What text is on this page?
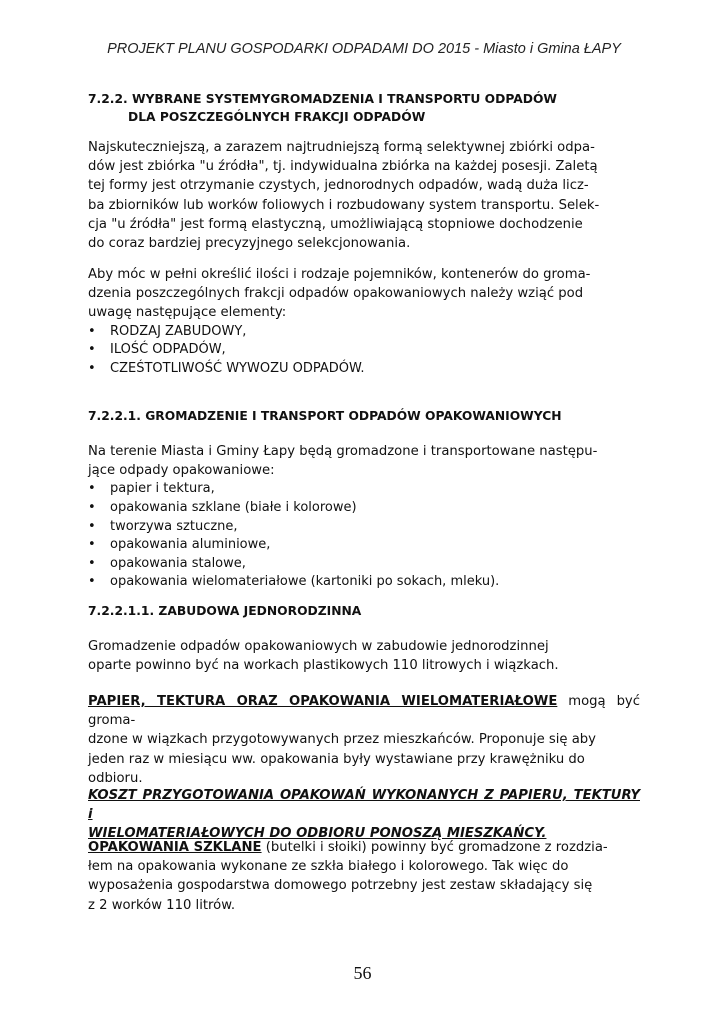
PROJEKT PLANU GOSPODARKI ODPADAMI DO 2015 - Miasto i Gmina ŁAPY

7.2.2. WYBRANE SYSTEMYGROMADZENIA I TRANSPORTU ODPADÓW

DLA POSZCZEGÓLNYCH FRAKCJI ODPADÓW

Najskuteczniejszą, a zarazem najtrudniejszą formą selektywnej zbiórki odpa-

dów jest zbiórka "u źródła", tj. indywidualna zbiórka na każdej posesji. Zaletą

tej formy jest otrzymanie czystych, jednorodnych odpadów, wadą duża licz-

ba zbiorników lub worków foliowych i rozbudowany system transportu. Selek-

cja "u źródła" jest formą elastyczną, umożliwiającą stopniowe dochodzenie

do coraz bardziej precyzyjnego selekcjonowania.

Aby móc w pełni określić ilości i rodzaje pojemników, kontenerów do groma-

dzenia poszczególnych frakcji odpadów opakowaniowych należy wziąć pod

uwagę następujące elementy:

• RODZAJ ZABUDOWY,
• ILOŚĆ ODPADÓW,
• CZEŚTOTLIWOŚĆ WYWOZU ODPADÓW.

7.2.2.1. GROMADZENIE I TRANSPORT ODPADÓW OPAKOWANIOWYCH

Na terenie Miasta i Gminy Łapy będą gromadzone i transportowane następu-

jące odpady opakowaniowe:

• papier i tektura,
• opakowania szklane (białe i kolorowe)
• tworzywa sztuczne,
• opakowania aluminiowe,
• opakowania stalowe,
• opakowania wielomateriałowe (kartoniki po sokach, mleku).

7.2.2.1.1. ZABUDOWA JEDNORODZINNA

Gromadzenie odpadów opakowaniowych w zabudowie jednorodzinnej

oparte powinno być na workach plastikowych 110 litrowych i wiązkach.

PAPIER, TEKTURA ORAZ OPAKOWANIA WIELOMATERIAŁOWE mogą być groma-

dzone w wiązkach przygotowywanych przez mieszkańców. Proponuje się aby

jeden raz w miesiącu ww. opakowania były wystawiane przy krawężniku do

odbioru.

KOSZT PRZYGOTOWANIA OPAKOWAŃ WYKONANYCH Z PAPIERU, TEKTURY i

WIELOMATERIAŁOWYCH DO ODBIORU PONOSZĄ MIESZKAŃCY.

OPAKOWANIA SZKLANE (butelki i słoiki) powinny być gromadzone z rozdzia-

łem na opakowania wykonane ze szkła białego i kolorowego. Tak więc do

wyposażenia gospodarstwa domowego potrzebny jest zestaw składający się

z 2 worków 110 litrów.

56
